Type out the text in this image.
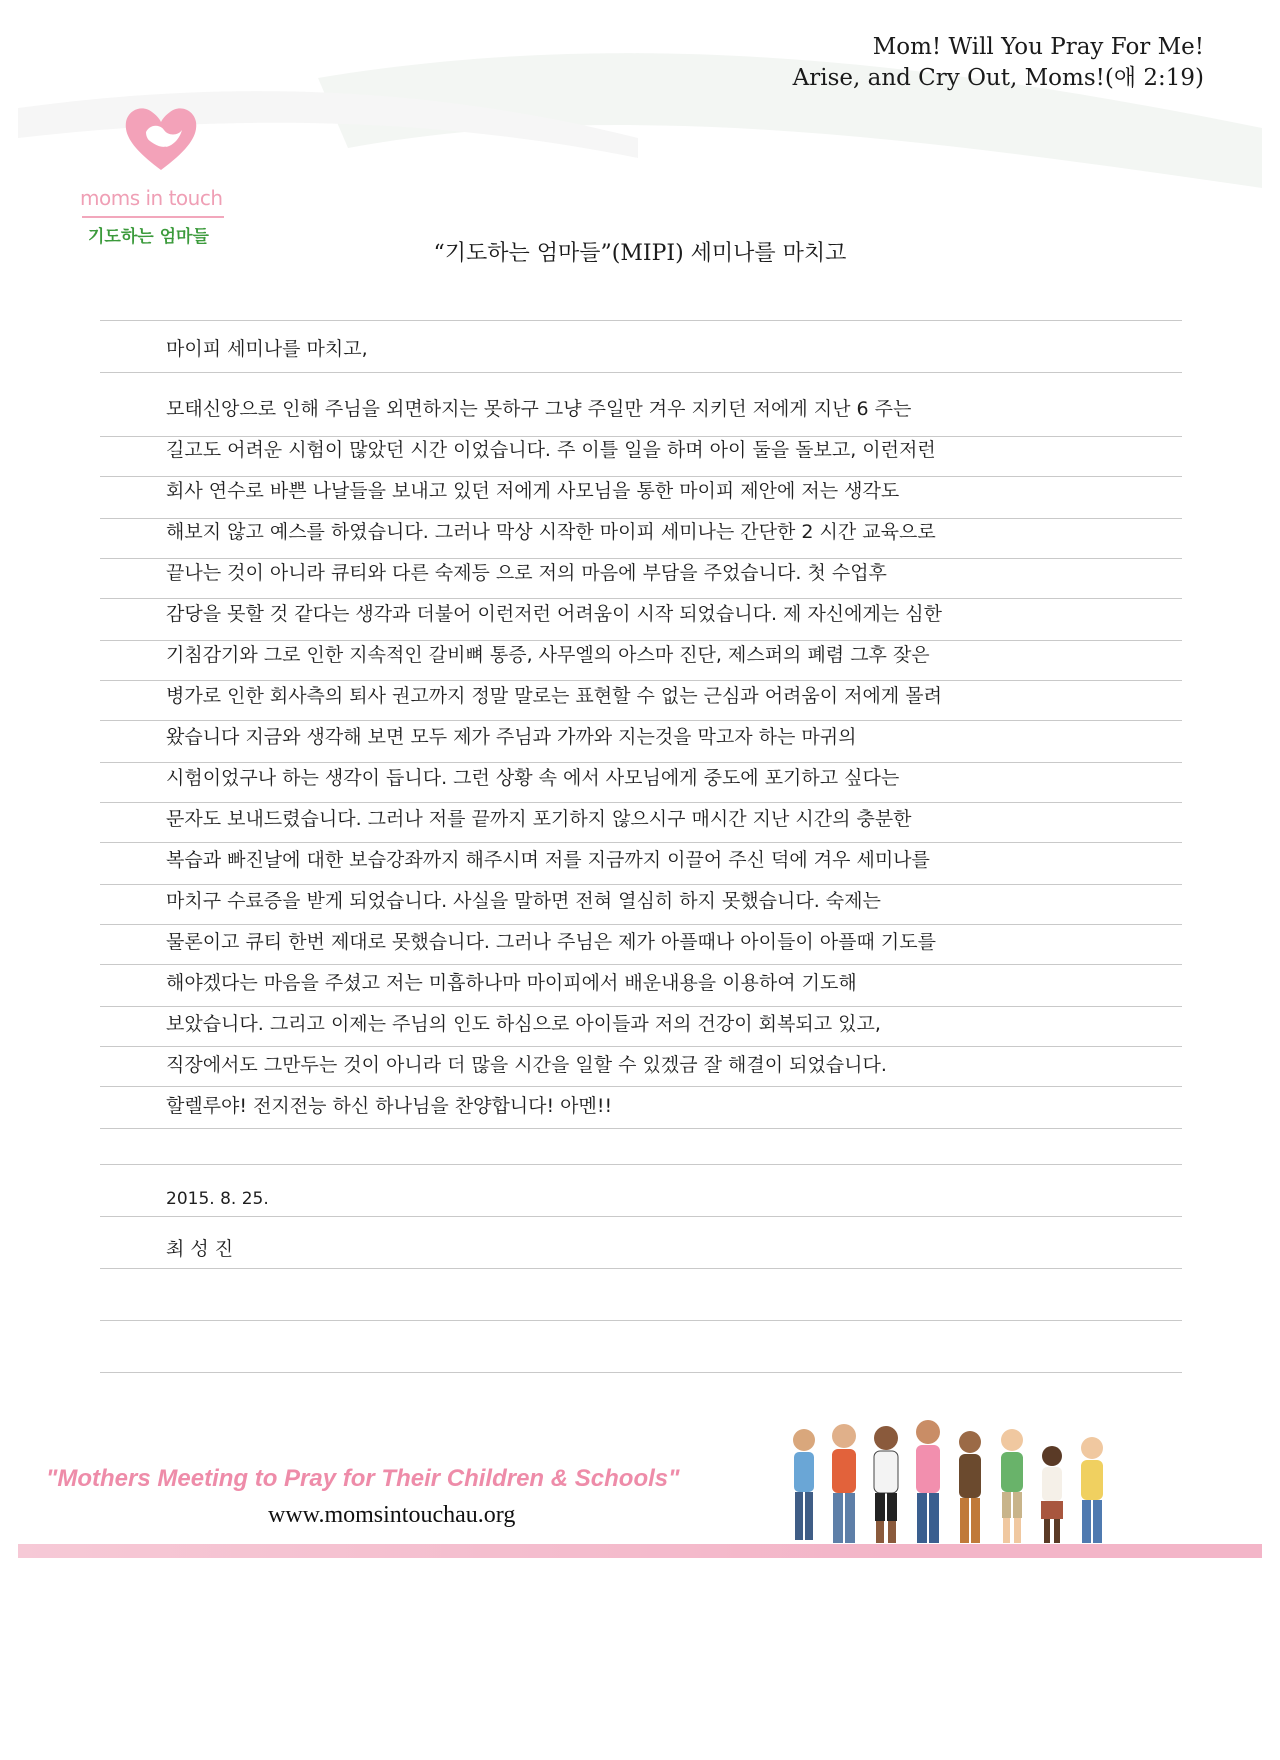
Mom! Will You Pray For Me!
Arise, and Cry Out, Moms!(애 2:19)
moms in touch
기도하는 엄마들
“기도하는 엄마들”(MIPI) 세미나를 마치고
마이피 세미나를 마치고,
모태신앙으로 인해 주님을 외면하지는 못하구 그냥 주일만 겨우 지키던 저에게 지난 6 주는
길고도 어려운 시험이 많았던 시간 이었습니다. 주 이틀 일을 하며 아이 둘을 돌보고, 이런저런
회사 연수로 바쁜 나날들을 보내고 있던 저에게 사모님을 통한 마이피 제안에 저는 생각도
해보지 않고 예스를 하였습니다. 그러나 막상 시작한 마이피 세미나는 간단한 2 시간 교육으로
끝나는 것이 아니라 큐티와 다른 숙제등 으로 저의 마음에 부담을 주었습니다. 첫 수업후
감당을 못할 것 같다는 생각과 더불어 이런저런 어려움이 시작 되었습니다. 제 자신에게는 심한
기침감기와 그로 인한 지속적인 갈비뼈 통증, 사무엘의 아스마 진단, 제스퍼의 폐렴 그후 잦은
병가로 인한 회사측의 퇴사 권고까지 정말 말로는 표현할 수 없는 근심과 어려움이 저에게 몰려
왔습니다 지금와 생각해 보면 모두 제가 주님과 가까와 지는것을 막고자 하는 마귀의
시험이었구나 하는 생각이 듭니다. 그런 상황 속 에서 사모님에게 중도에 포기하고 싶다는
문자도 보내드렸습니다. 그러나 저를 끝까지 포기하지 않으시구 매시간 지난 시간의 충분한
복습과 빠진날에 대한 보습강좌까지 해주시며 저를 지금까지 이끌어 주신 덕에 겨우 세미나를
마치구 수료증을 받게 되었습니다. 사실을 말하면 전혀 열심히 하지 못했습니다. 숙제는
물론이고 큐티 한번 제대로 못했습니다. 그러나 주님은 제가 아플때나 아이들이 아플때 기도를
해야겠다는 마음을 주셨고 저는 미흡하나마 마이피에서 배운내용을 이용하여 기도해
보았습니다. 그리고 이제는 주님의 인도 하심으로 아이들과 저의 건강이 회복되고 있고,
직장에서도 그만두는 것이 아니라 더 많을 시간을 일할 수 있겠금 잘 해결이 되었습니다.
할렐루야! 전지전능 하신 하나님을 찬양합니다! 아멘!!
2015. 8. 25.
최 성 진
"Mothers Meeting to Pray for Their Children & Schools"
www.momsintouchau.org
